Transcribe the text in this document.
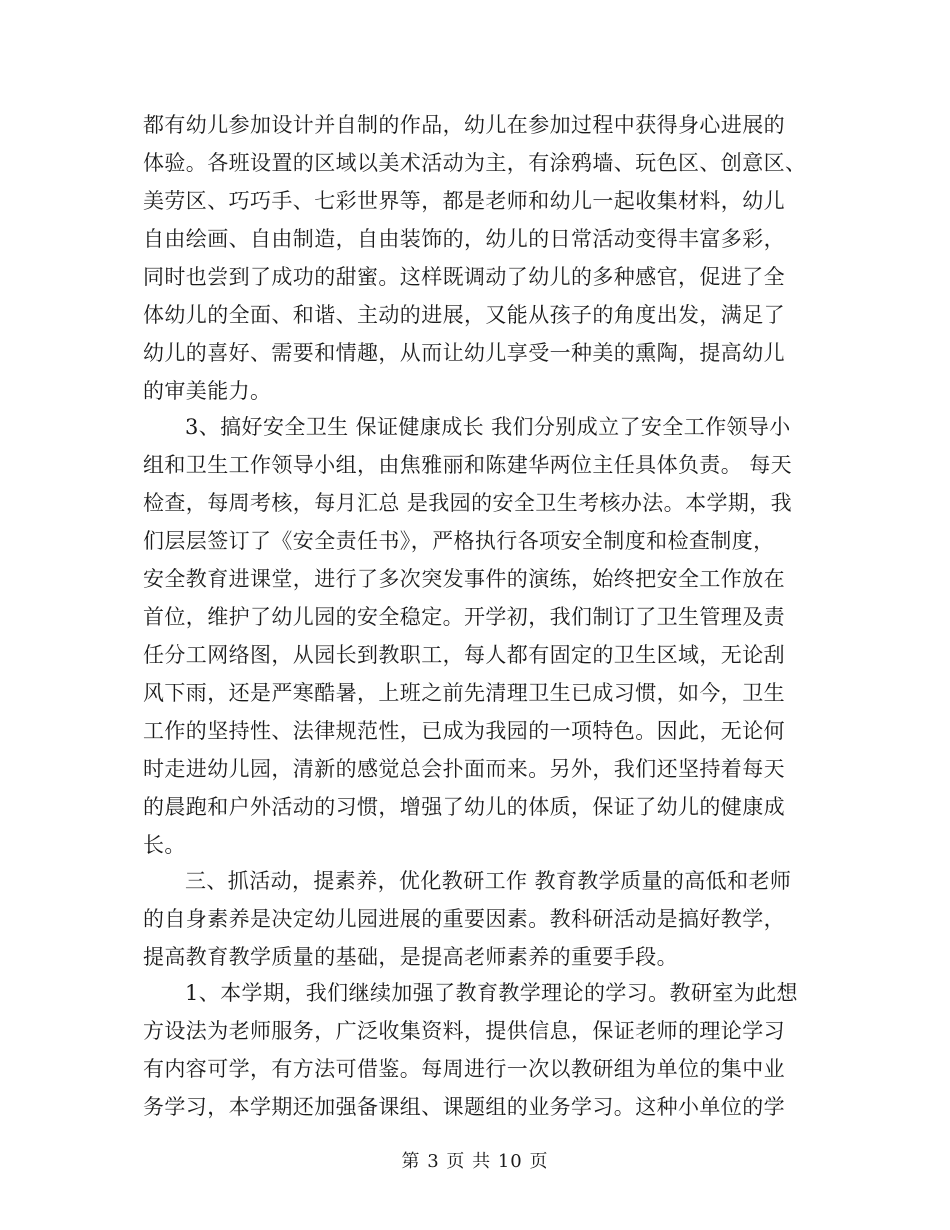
都有幼儿参加设计并自制的作品，幼儿在参加过程中获得身心进展的
体验。各班设置的区域以美术活动为主，有涂鸦墙、玩色区、创意区、
美劳区、巧巧手、七彩世界等，都是老师和幼儿一起收集材料，幼儿
自由绘画、自由制造，自由装饰的，幼儿的日常活动变得丰富多彩，
同时也尝到了成功的甜蜜。这样既调动了幼儿的多种感官，促进了全
体幼儿的全面、和谐、主动的进展，又能从孩子的角度出发，满足了
幼儿的喜好、需要和情趣，从而让幼儿享受一种美的熏陶，提高幼儿
的审美能力。
3、搞好安全卫生 保证健康成长 我们分别成立了安全工作领导小
组和卫生工作领导小组，由焦雅丽和陈建华两位主任具体负责。 每天
检查，每周考核，每月汇总 是我园的安全卫生考核办法。本学期，我
们层层签订了《安全责任书》，严格执行各项安全制度和检查制度，
安全教育进课堂，进行了多次突发事件的演练，始终把安全工作放在
首位，维护了幼儿园的安全稳定。开学初，我们制订了卫生管理及责
任分工网络图，从园长到教职工，每人都有固定的卫生区域，无论刮
风下雨，还是严寒酷暑，上班之前先清理卫生已成习惯，如今，卫生
工作的坚持性、法律规范性，已成为我园的一项特色。因此，无论何
时走进幼儿园，清新的感觉总会扑面而来。另外，我们还坚持着每天
的晨跑和户外活动的习惯，增强了幼儿的体质，保证了幼儿的健康成
长。
三、抓活动，提素养，优化教研工作 教育教学质量的高低和老师
的自身素养是决定幼儿园进展的重要因素。教科研活动是搞好教学，
提高教育教学质量的基础，是提高老师素养的重要手段。
1、本学期，我们继续加强了教育教学理论的学习。教研室为此想
方设法为老师服务，广泛收集资料，提供信息，保证老师的理论学习
有内容可学，有方法可借鉴。每周进行一次以教研组为单位的集中业
务学习，本学期还加强备课组、课题组的业务学习。这种小单位的学
第 3 页 共 10 页
